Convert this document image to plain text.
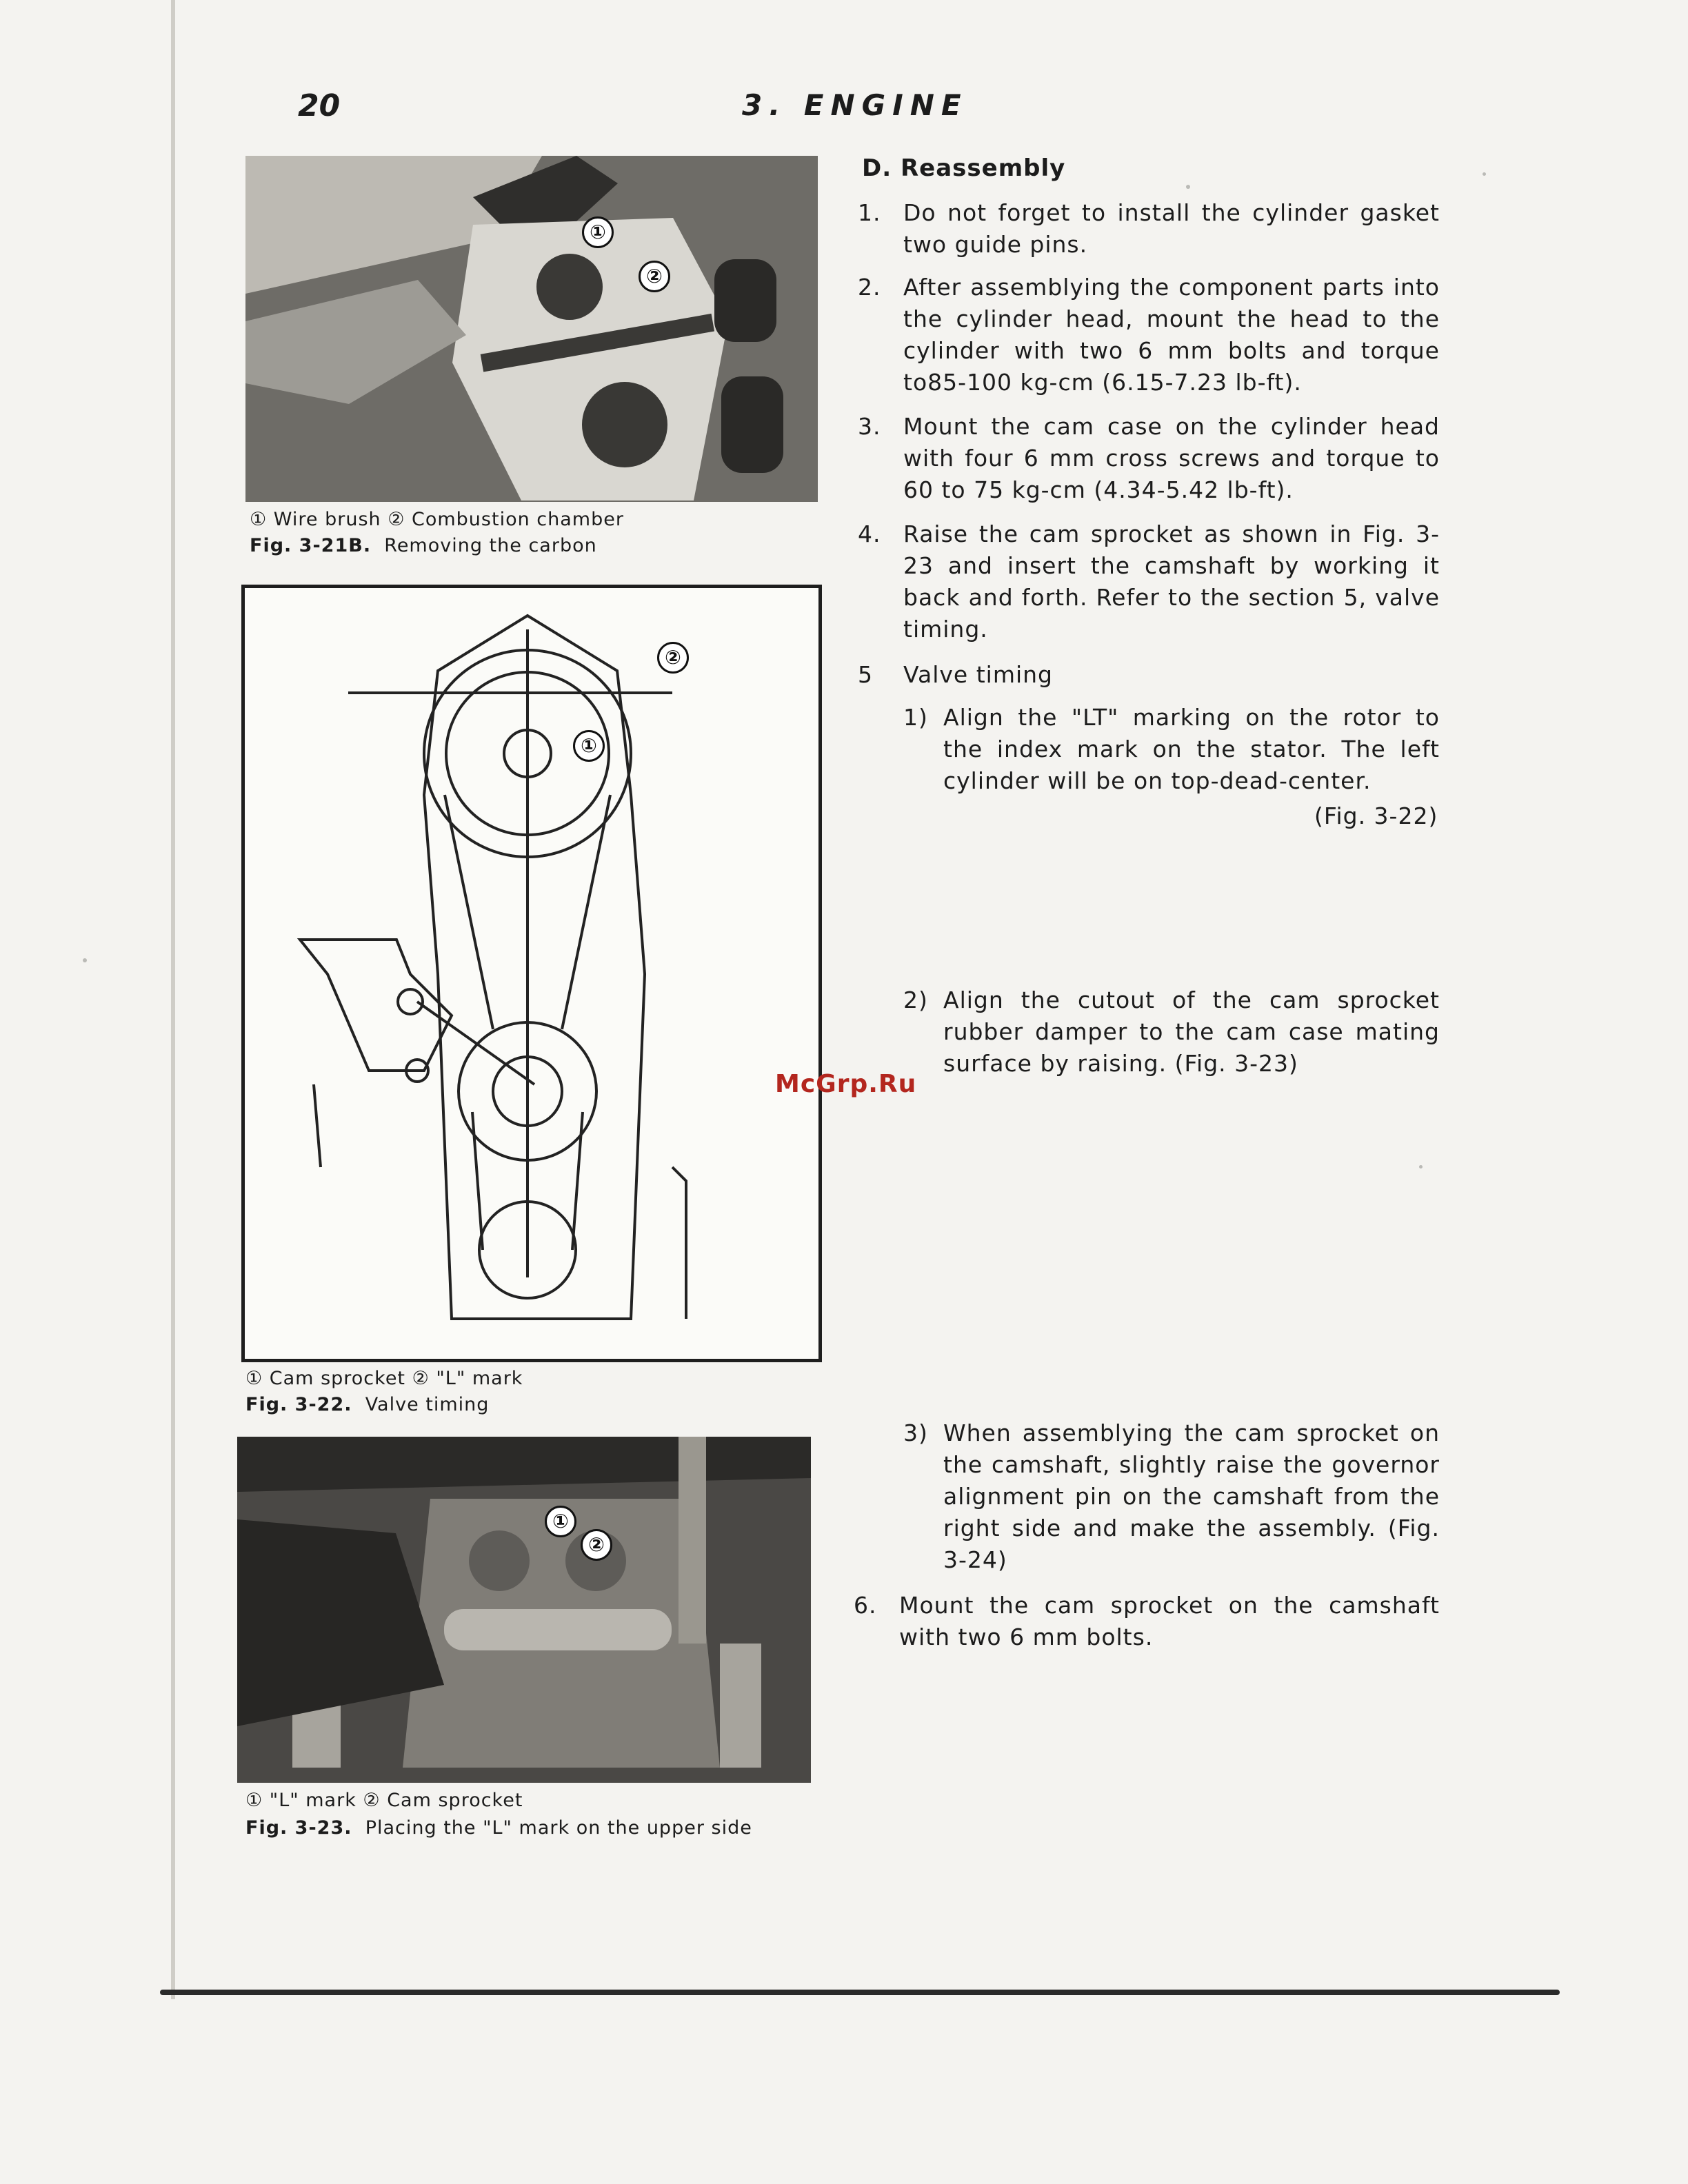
20	3. ENGINE
①
②
① Wire brush ② Combustion chamber
Fig. 3-21B. Removing the carbon
①
②
① Cam sprocket ② "L" mark
Fig. 3-22. Valve timing
①
②
① "L" mark ② Cam sprocket
Fig. 3-23. Placing the "L" mark on the upper side
D. Reassembly
1. Do not forget to install the cylinder gasket two guide pins.
2. After assemblying the component parts into the cylinder head, mount the head to the cylinder with two 6 mm bolts and torque to85-100 kg-cm (6.15-7.23 lb-ft).
3. Mount the cam case on the cylinder head with four 6 mm cross screws and torque to 60 to 75 kg-cm (4.34-5.42 lb-ft).
4. Raise the cam sprocket as shown in Fig. 3-23 and insert the camshaft by working it back and forth. Refer to the section 5, valve timing.
5 Valve timing
1) Align the "LT" marking on the rotor to the index mark on the stator. The left cylinder will be on top-dead-center.
(Fig. 3-22)
2) Align the cutout of the cam sprocket rubber damper to the cam case mating surface by raising. (Fig. 3-23)
3) When assemblying the cam sprocket on the camshaft, slightly raise the governor alignment pin on the camshaft from the right side and make the assembly. (Fig. 3-24)
6. Mount the cam sprocket on the camshaft with two 6 mm bolts.
McGrp.Ru
